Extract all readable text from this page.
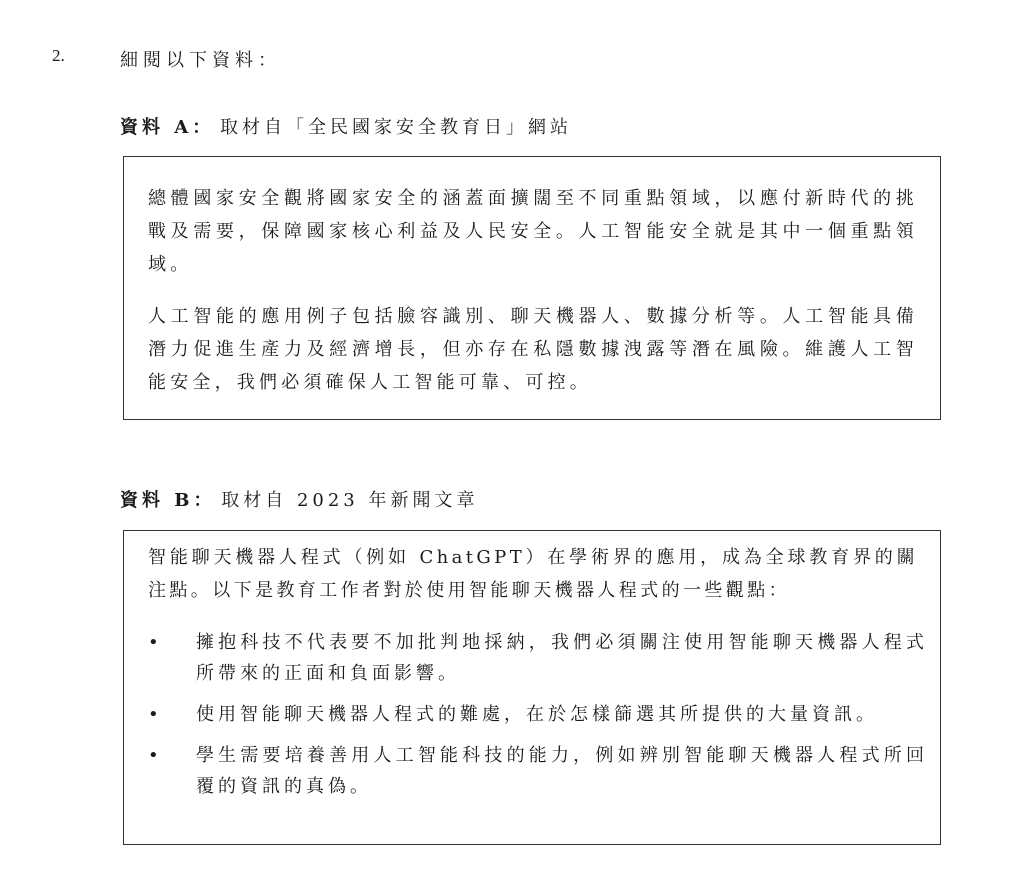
2.	細閱以下資料：
資料 A： 取材自「全民國家安全教育日」網站
總體國家安全觀將國家安全的涵蓋面擴闊至不同重點領域，以應付新時代的挑戰及需要，保障國家核心利益及人民安全。人工智能安全就是其中一個重點領域。
人工智能的應用例子包括臉容識別、聊天機器人、數據分析等。人工智能具備潛力促進生產力及經濟增長，但亦存在私隱數據洩露等潛在風險。維護人工智能安全，我們必須確保人工智能可靠、可控。
資料 B： 取材自 2023 年新聞文章
智能聊天機器人程式（例如 ChatGPT）在學術界的應用，成為全球教育界的關注點。以下是教育工作者對於使用智能聊天機器人程式的一些觀點：
• 擁抱科技不代表要不加批判地採納，我們必須關注使用智能聊天機器人程式所帶來的正面和負面影響。
• 使用智能聊天機器人程式的難處，在於怎樣篩選其所提供的大量資訊。
• 學生需要培養善用人工智能科技的能力，例如辨別智能聊天機器人程式所回覆的資訊的真偽。
